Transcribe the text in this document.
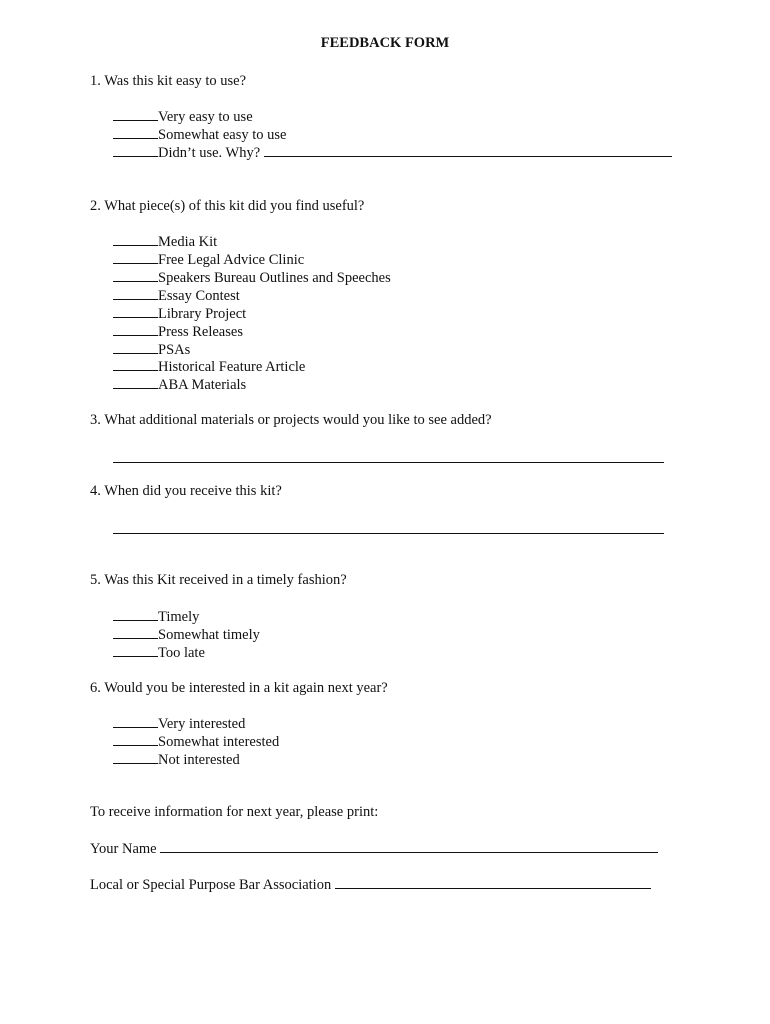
FEEDBACK FORM
1. Was this kit easy to use?
Very easy to use
Somewhat easy to use
Didn’t use. Why?
2. What piece(s) of this kit did you find useful?
Media Kit
Free Legal Advice Clinic
Speakers Bureau Outlines and Speeches
Essay Contest
Library Project
Press Releases
PSAs
Historical Feature Article
ABA Materials
3. What additional materials or projects would you like to see added?
4. When did you receive this kit?
5. Was this Kit received in a timely fashion?
Timely
Somewhat timely
Too late
6. Would you be interested in a kit again next year?
Very interested
Somewhat interested
Not interested
To receive information for next year, please print:
Your Name
Local or Special Purpose Bar Association
